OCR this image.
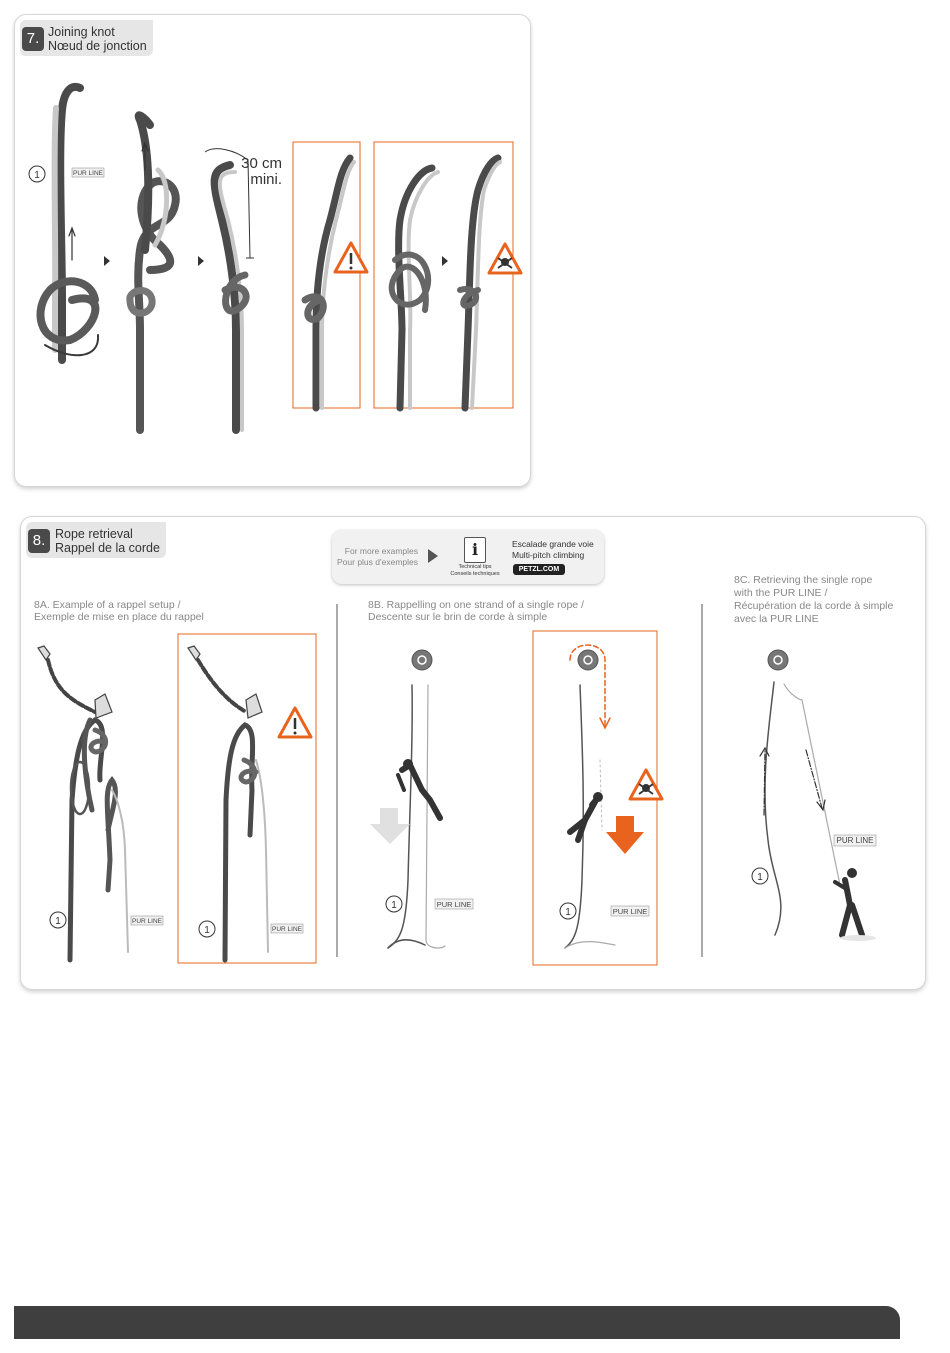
7. Joining knot
Nœud de jonction
1	PUR LINE
30 cm
mini.
8. Rope retrieval
Rappel de la corde	For more examples
Pour plus d'exemples
i
Technical tips
Conseils techniques
Escalade grande voie
Multi-pitch climbing
PETZL.COM
8A. Example of a rappel setup /
Exemple de mise en place du rappel
8B. Rappelling on one strand of a single rope /
Descente sur le brin de corde à simple
8C. Retrieving the single rope
with the PUR LINE /
Récupération de la corde à simple
avec la PUR LINE
1	PUR LINE
1	PUR LINE
1	PUR LINE
1	PUR LINE
1
PUR LINE
